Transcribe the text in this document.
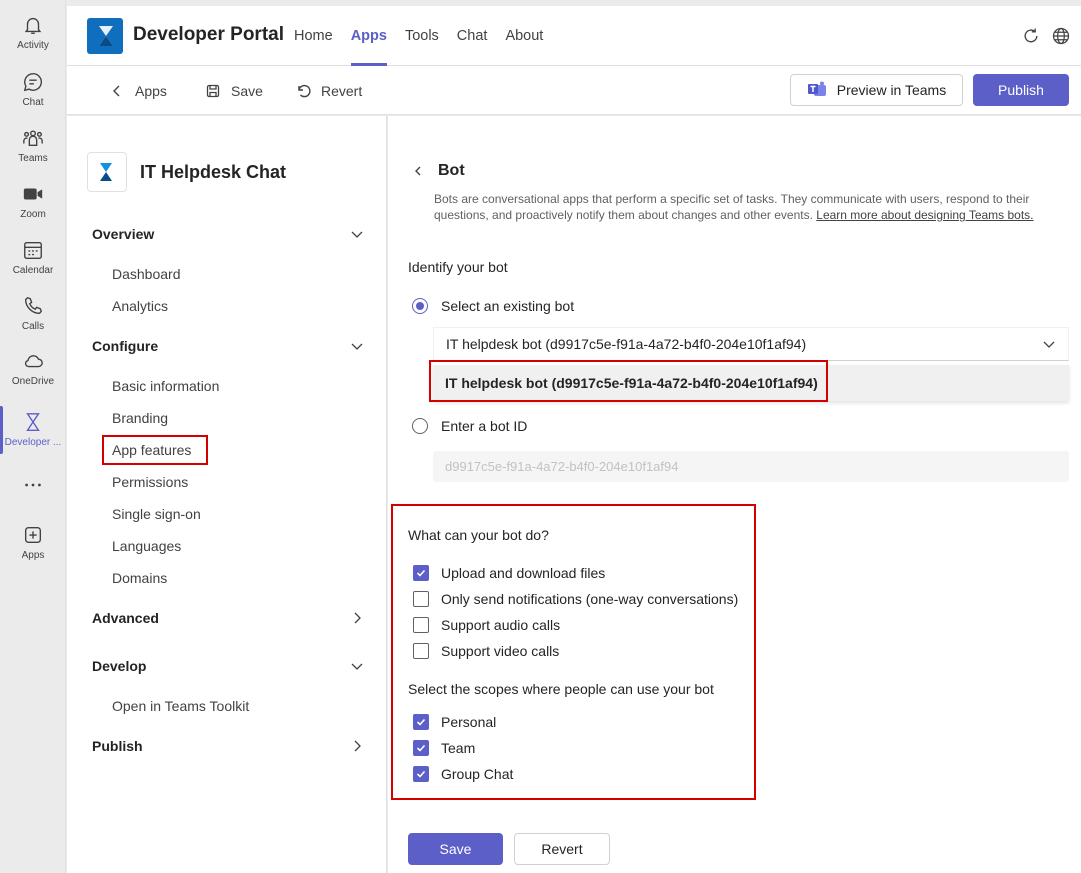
Activity
Chat
Teams
Zoom
Calendar
Calls
OneDrive
Developer ...
Apps
Developer Portal Home	Apps	Tools	Chat	About
Apps	Save	Revert	Preview in Teams	Publish
IT Helpdesk Chat
Overview
Dashboard
Analytics
Configure
Basic information
Branding
App features
Permissions
Single sign-on
Languages
Domains
Advanced
Develop
Open in Teams Toolkit
Publish
Bot
Bots are conversational apps that perform a specific set of tasks. They communicate with users, respond to their questions, and proactively notify them about changes and other events. Learn more about designing Teams bots.
Identify your bot
Select an existing bot
IT helpdesk bot (d9917c5e-f91a-4a72-b4f0-204e10f1af94)
IT helpdesk bot (d9917c5e-f91a-4a72-b4f0-204e10f1af94)
Enter a bot ID
d9917c5e-f91a-4a72-b4f0-204e10f1af94
What can your bot do?
Upload and download files
Only send notifications (one-way conversations)
Support audio calls
Support video calls
Select the scopes where people can use your bot
Personal
Team
Group Chat
Save	Revert
